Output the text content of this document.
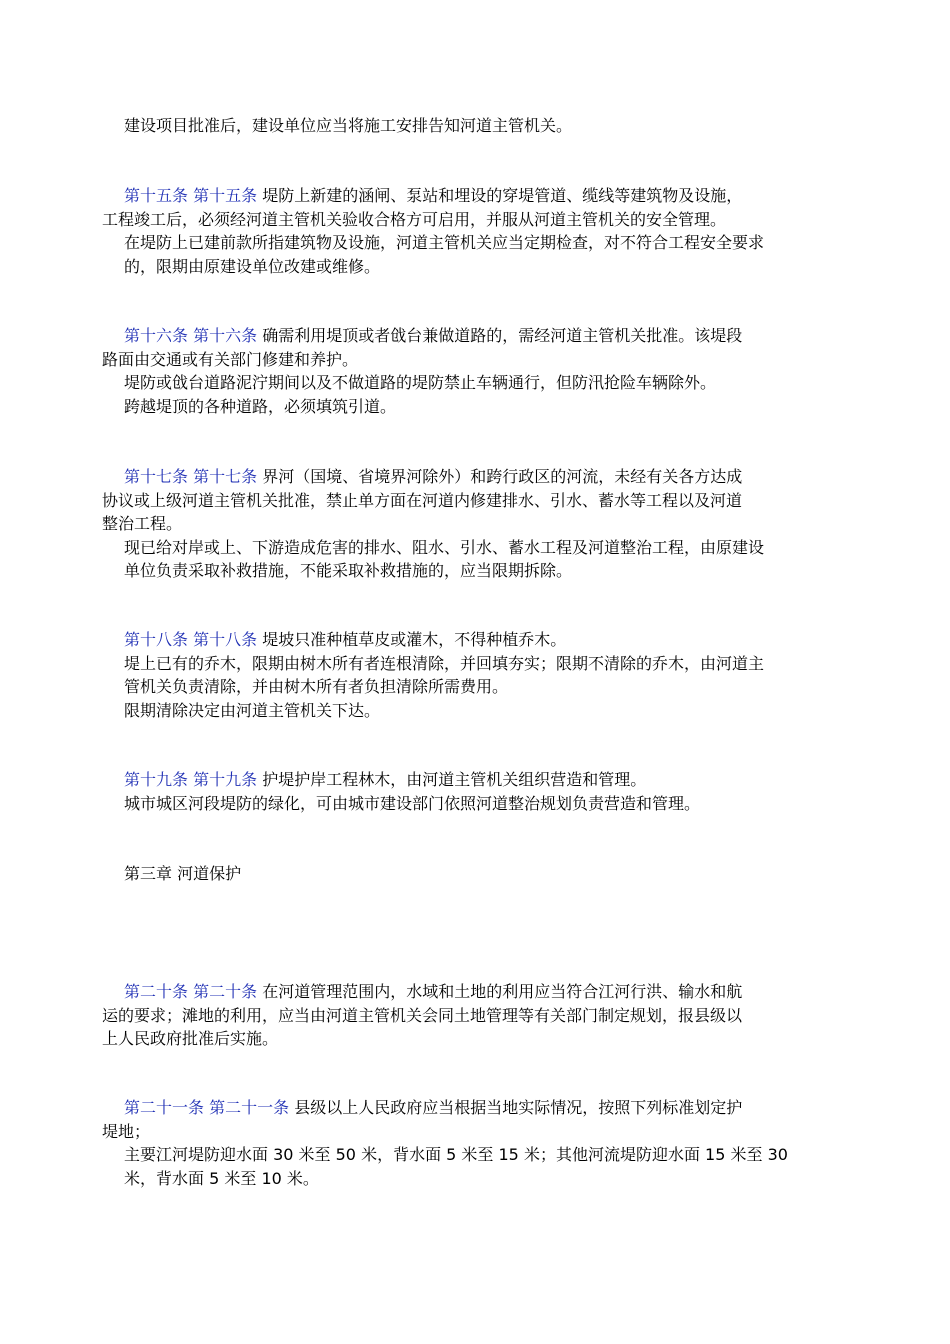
建设项目批准后，建设单位应当将施工安排告知河道主管机关。

第十五条 第十五条 堤防上新建的涵闸、泵站和埋设的穿堤管道、缆线等建筑物及设施，
工程竣工后，必须经河道主管机关验收合格方可启用，并服从河道主管机关的安全管理。

在堤防上已建前款所指建筑物及设施，河道主管机关应当定期检查，对不符合工程安全要求
的，限期由原建设单位改建或维修。

第十六条 第十六条 确需利用堤顶或者戗台兼做道路的，需经河道主管机关批准。该堤段
路面由交通或有关部门修建和养护。

堤防或戗台道路泥泞期间以及不做道路的堤防禁止车辆通行，但防汛抢险车辆除外。

跨越堤顶的各种道路，必须填筑引道。

第十七条 第十七条 界河（国境、省境界河除外）和跨行政区的河流，未经有关各方达成
协议或上级河道主管机关批准，禁止单方面在河道内修建排水、引水、蓄水等工程以及河道
整治工程。

现已给对岸或上、下游造成危害的排水、阻水、引水、蓄水工程及河道整治工程，由原建设
单位负责采取补救措施，不能采取补救措施的，应当限期拆除。

第十八条 第十八条 堤坡只准种植草皮或灌木，不得种植乔木。

堤上已有的乔木，限期由树木所有者连根清除，并回填夯实；限期不清除的乔木，由河道主
管机关负责清除，并由树木所有者负担清除所需费用。

限期清除决定由河道主管机关下达。

第十九条 第十九条 护堤护岸工程林木，由河道主管机关组织营造和管理。

城市城区河段堤防的绿化，可由城市建设部门依照河道整治规划负责营造和管理。

第三章 河道保护

第二十条 第二十条 在河道管理范围内，水域和土地的利用应当符合江河行洪、输水和航
运的要求；滩地的利用，应当由河道主管机关会同土地管理等有关部门制定规划，报县级以
上人民政府批准后实施。

第二十一条 第二十一条 县级以上人民政府应当根据当地实际情况，按照下列标准划定护
堤地；

主要江河堤防迎水面 30 米至 50 米，背水面 5 米至 15 米；其他河流堤防迎水面 15 米至 30
米，背水面 5 米至 10 米。
